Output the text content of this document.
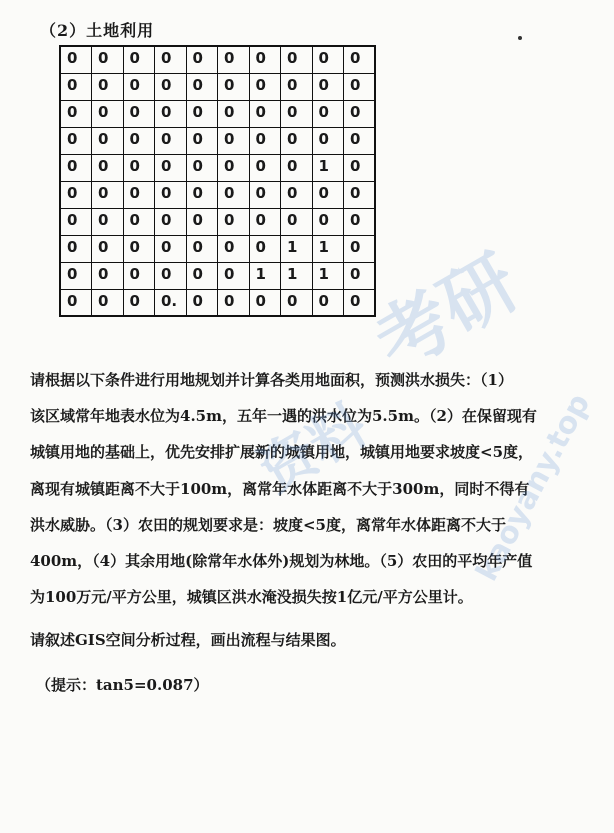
（2）土地利用
0	0	0	0	0	0	0	0	0	0
0	0	0	0	0	0	0	0	0	0
0	0	0	0	0	0	0	0	0	0
0	0	0	0	0	0	0	0	0	0
0	0	0	0	0	0	0	0	1	0
0	0	0	0	0	0	0	0	0	0
0	0	0	0	0	0	0	0	0	0
0	0	0	0	0	0	0	1	1	0
0	0	0	0	0	0	1	1	1	0
0	0	0	0.	0	0	0	0	0	0

请根据以下条件进行用地规划并计算各类用地面积，预测洪水损失：（1）

该区域常年地表水位为4.5m，五年一遇的洪水位为5.5m。（2）在保留现有

城镇用地的基础上，优先安排扩展新的城镇用地，城镇用地要求坡度<5度，

离现有城镇距离不大于100m，离常年水体距离不大于300m，同时不得有

洪水威胁。（3）农田的规划要求是：坡度<5度，离常年水体距离不大于

400m，（4）其余用地(除常年水体外)规划为林地。（5）农田的平均年产值

为100万元/平方公里，城镇区洪水淹没损失按1亿元/平方公里计。

请叙述GIS空间分析过程，画出流程与结果图。
（提示：tan5=0.087）
考研
资料	kaoyany.top
